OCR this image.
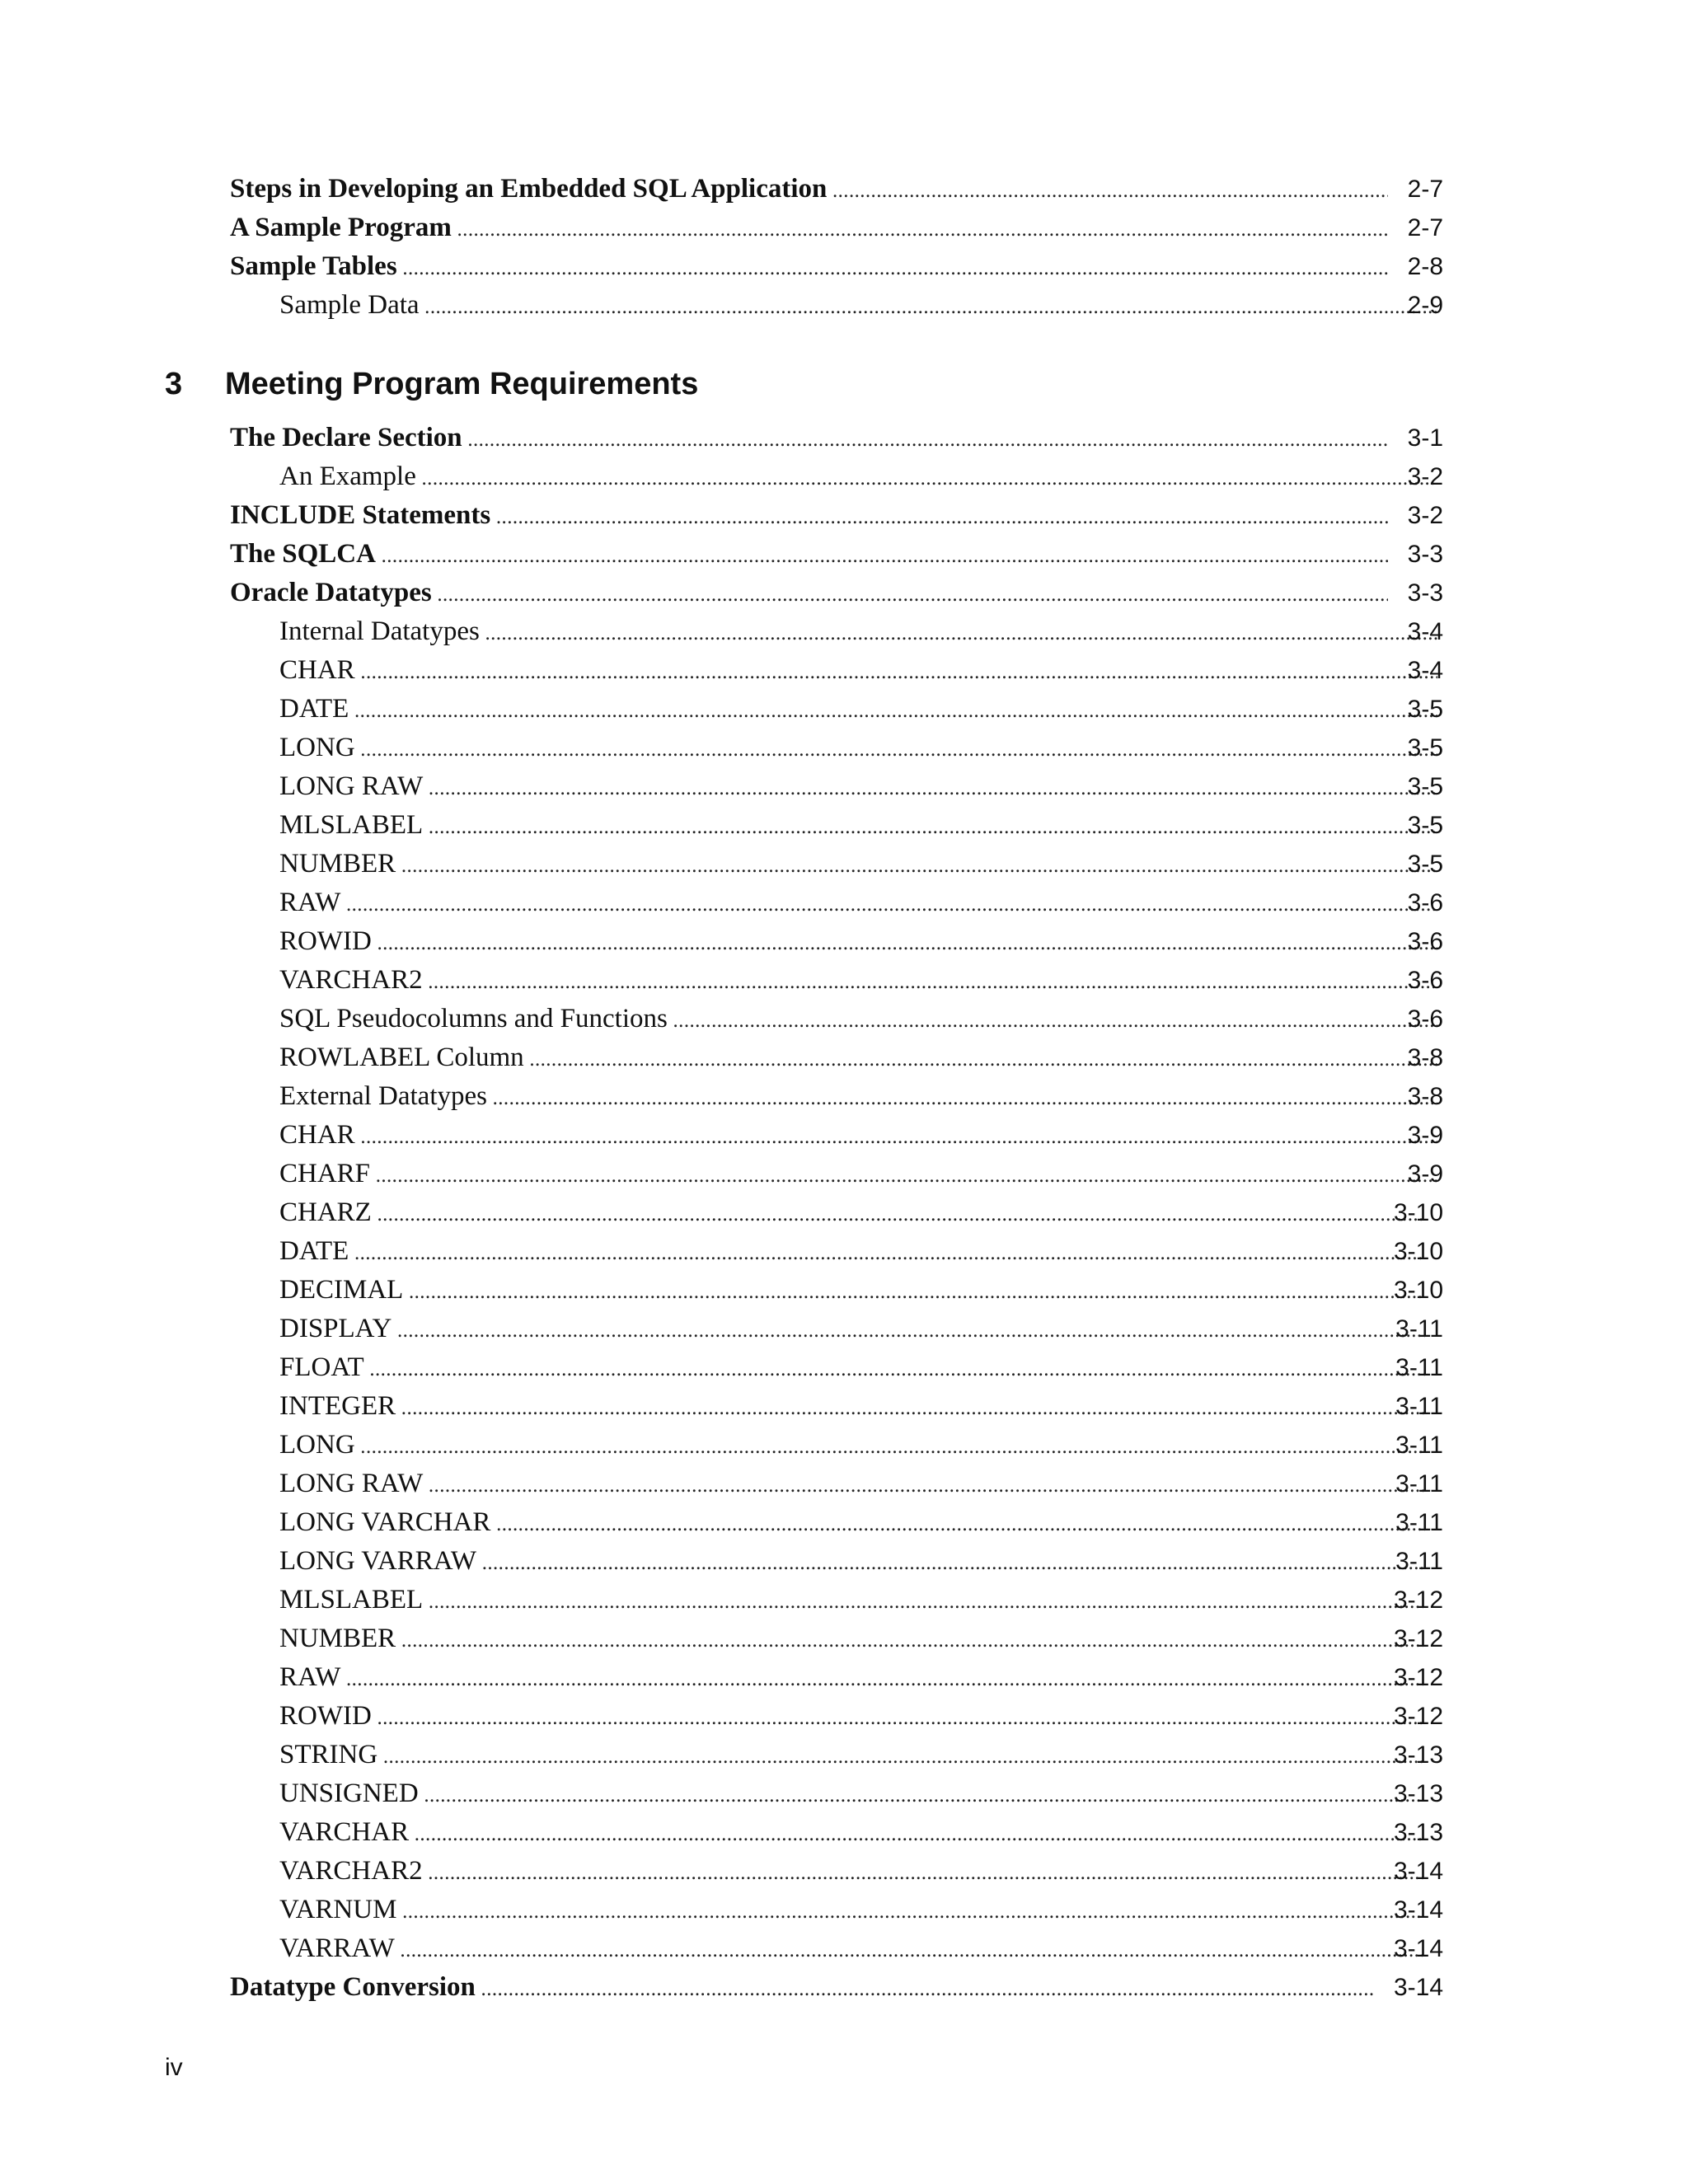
Steps in Developing an Embedded SQL Application .....	2-7
A Sample Program .....	2-7
Sample Tables .....	2-8
Sample Data .....	2-9
3 Meeting Program Requirements
The Declare Section .....	3-1
An Example .....	3-2
INCLUDE Statements .....	3-2
The SQLCA .....	3-3
Oracle Datatypes .....	3-3
Internal Datatypes .....	3-4
CHAR .....	3-4
DATE .....	3-5
LONG .....	3-5
LONG RAW .....	3-5
MLSLABEL .....	3-5
NUMBER .....	3-5
RAW .....	3-6
ROWID .....	3-6
VARCHAR2 .....	3-6
SQL Pseudocolumns and Functions .....	3-6
ROWLABEL Column .....	3-8
External Datatypes .....	3-8
CHAR .....	3-9
CHARF .....	3-9
CHARZ .....	3-10
DATE .....	3-10
DECIMAL .....	3-10
DISPLAY .....	3-11
FLOAT .....	3-11
INTEGER .....	3-11
LONG .....	3-11
LONG RAW .....	3-11
LONG VARCHAR .....	3-11
LONG VARRAW .....	3-11
MLSLABEL .....	3-12
NUMBER .....	3-12
RAW .....	3-12
ROWID .....	3-12
STRING .....	3-13
UNSIGNED .....	3-13
VARCHAR .....	3-13
VARCHAR2 .....	3-14
VARNUM .....	3-14
VARRAW .....	3-14
Datatype Conversion .....	3-14
iv
